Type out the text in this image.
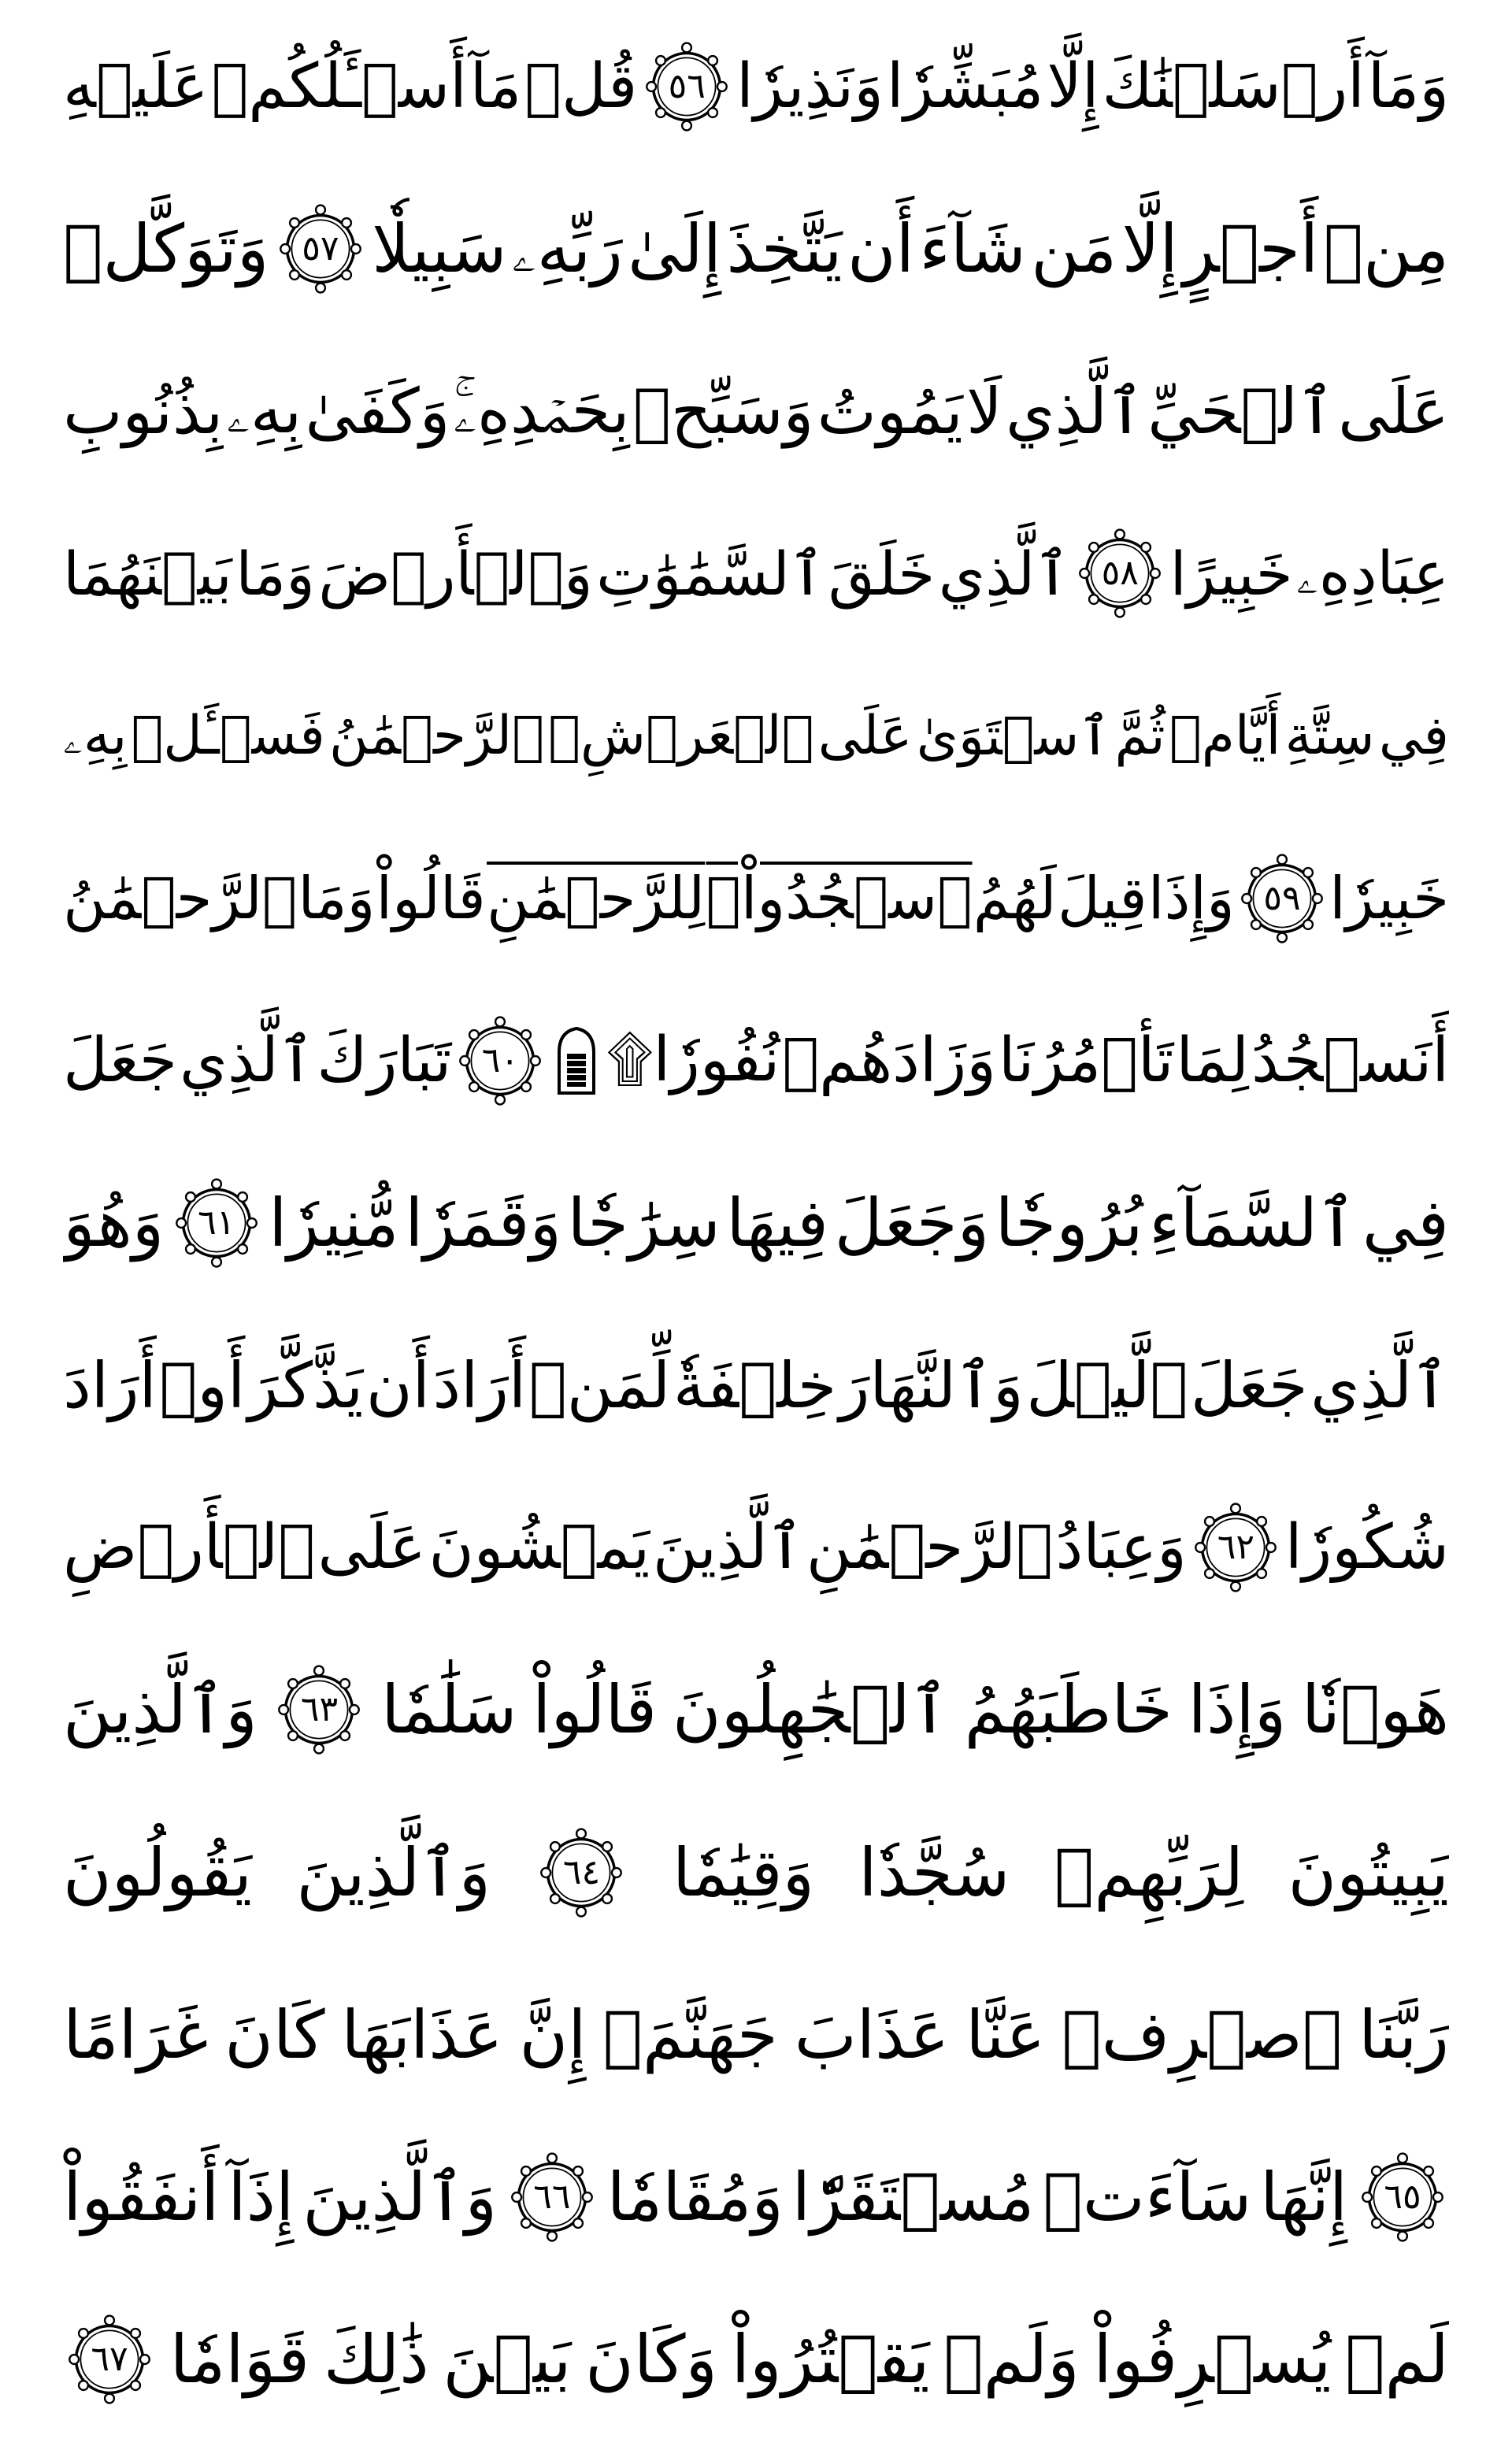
وَمَآ
أَرۡسَلۡنَٰكَ
إِلَّا
مُبَشِّرٗا
وَنَذِيرٗا
٥٦
قُلۡ
مَآ
أَسۡـَٔلُكُمۡ
عَلَيۡهِ
مِنۡ
أَجۡرٍ
إِلَّا
مَن
شَآءَ
أَن
يَتَّخِذَ
إِلَىٰ
رَبِّهِۦ
سَبِيلٗا
٥٧
وَتَوَكَّلۡ
عَلَى
ٱلۡحَيِّ
ٱلَّذِي
لَا
يَمُوتُ
وَسَبِّحۡ
بِحَمۡدِهِۦۚ
وَكَفَىٰ
بِهِۦ
بِذُنُوبِ
عِبَادِهِۦ
خَبِيرًا
٥٨
ٱلَّذِي
خَلَقَ
ٱلسَّمَٰوَٰتِ
وَٱلۡأَرۡضَ
وَمَا
بَيۡنَهُمَا
فِي
سِتَّةِ
أَيَّامٖ
ثُمَّ
ٱسۡتَوَىٰ
عَلَى
ٱلۡعَرۡشِۚ
ٱلرَّحۡمَٰنُ
فَسۡـَٔلۡ
بِهِۦ
خَبِيرٗا
٥٩
وَإِذَا
قِيلَ
لَهُمُ
ٱسۡجُدُواْۤ
لِلرَّحۡمَٰنِ
قَالُواْ
وَمَا
ٱلرَّحۡمَٰنُ
أَنَسۡجُدُ
لِمَا
تَأۡمُرُنَا
وَزَادَهُمۡ
نُفُورٗا۩
٦٠
تَبَارَكَ
ٱلَّذِي
جَعَلَ
فِي
ٱلسَّمَآءِ
بُرُوجٗا
وَجَعَلَ
فِيهَا
سِرَٰجٗا
وَقَمَرٗا
مُّنِيرٗا
٦١
وَهُوَ
ٱلَّذِي
جَعَلَ
ٱلَّيۡلَ
وَٱلنَّهَارَ
خِلۡفَةٗ
لِّمَنۡ
أَرَادَ
أَن
يَذَّكَّرَ
أَوۡ
أَرَادَ
شُكُورٗا
٦٢
وَعِبَادُ
ٱلرَّحۡمَٰنِ
ٱلَّذِينَ
يَمۡشُونَ
عَلَى
ٱلۡأَرۡضِ
هَوۡنٗا
وَإِذَا
خَاطَبَهُمُ
ٱلۡجَٰهِلُونَ
قَالُواْ
سَلَٰمٗا
٦٣
وَٱلَّذِينَ
يَبِيتُونَ
لِرَبِّهِمۡ
سُجَّدٗا
وَقِيَٰمٗا
٦٤
وَٱلَّذِينَ
يَقُولُونَ
رَبَّنَا
ٱصۡرِفۡ
عَنَّا
عَذَابَ
جَهَنَّمَۖ
إِنَّ
عَذَابَهَا
كَانَ
غَرَامًا
٦٥
إِنَّهَا
سَآءَتۡ
مُسۡتَقَرّٗا
وَمُقَامٗا
٦٦
وَٱلَّذِينَ
إِذَآ
أَنفَقُواْ
لَمۡ
يُسۡرِفُواْ
وَلَمۡ
يَقۡتُرُواْ
وَكَانَ
بَيۡنَ
ذَٰلِكَ
قَوَامٗا
٦٧
